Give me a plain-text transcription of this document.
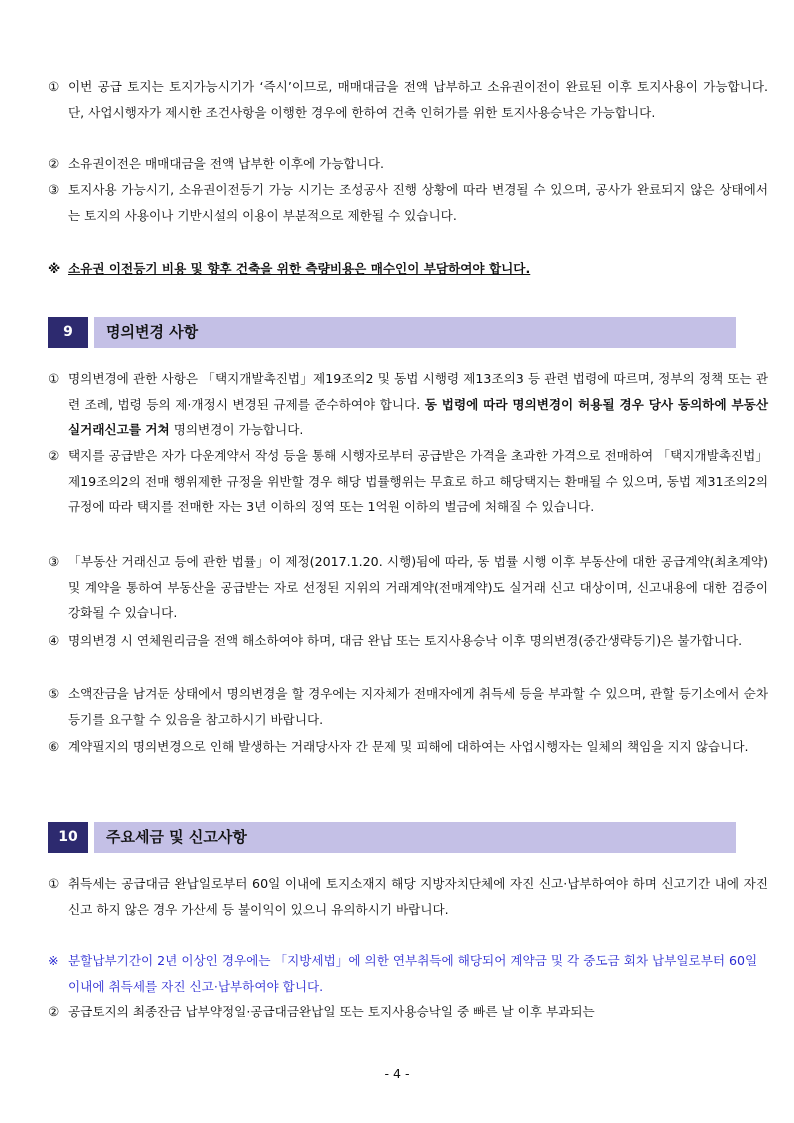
① 이번 공급 토지는 토지가능시기가 ‘즉시’이므로, 매매대금을 전액 납부하고 소유권이전이 완료된 이후 토지사용이 가능합니다. 단, 사업시행자가 제시한 조건사항을 이행한 경우에 한하여 건축 인허가를 위한 토지사용승낙은 가능합니다.
② 소유권이전은 매매대금을 전액 납부한 이후에 가능합니다.
③ 토지사용 가능시기, 소유권이전등기 가능 시기는 조성공사 진행 상황에 따라 변경될 수 있으며, 공사가 완료되지 않은 상태에서는 토지의 사용이나 기반시설의 이용이 부분적으로 제한될 수 있습니다.
※ 소유권 이전등기 비용 및 향후 건축을 위한 측량비용은 매수인이 부담하여야 합니다.
9	명의변경 사항
① 명의변경에 관한 사항은 「택지개발촉진법」제19조의2 및 동법 시행령 제13조의3 등 관련 법령에 따르며, 정부의 정책 또는 관련 조례, 법령 등의 제·개정시 변경된 규제를 준수하여야 합니다. 동 법령에 따라 명의변경이 허용될 경우 당사 동의하에 부동산실거래신고를 거쳐 명의변경이 가능합니다.
② 택지를 공급받은 자가 다운계약서 작성 등을 통해 시행자로부터 공급받은 가격을 초과한 가격으로 전매하여 「택지개발촉진법」 제19조의2의 전매 행위제한 규정을 위반할 경우 해당 법률행위는 무효로 하고 해당택지는 환매될 수 있으며, 동법 제31조의2의 규정에 따라 택지를 전매한 자는 3년 이하의 징역 또는 1억원 이하의 벌금에 처해질 수 있습니다.
③ 「부동산 거래신고 등에 관한 법률」이 제정(2017.1.20. 시행)됨에 따라, 동 법률 시행 이후 부동산에 대한 공급계약(최초계약) 및 계약을 통하여 부동산을 공급받는 자로 선정된 지위의 거래계약(전매계약)도 실거래 신고 대상이며, 신고내용에 대한 검증이 강화될 수 있습니다.
④ 명의변경 시 연체원리금을 전액 해소하여야 하며, 대금 완납 또는 토지사용승낙 이후 명의변경(중간생략등기)은 불가합니다.
⑤ 소액잔금을 남겨둔 상태에서 명의변경을 할 경우에는 지자체가 전매자에게 취득세 등을 부과할 수 있으며, 관할 등기소에서 순차등기를 요구할 수 있음을 참고하시기 바랍니다.
⑥ 계약필지의 명의변경으로 인해 발생하는 거래당사자 간 문제 및 피해에 대하여는 사업시행자는 일체의 책임을 지지 않습니다.
10	주요세금 및 신고사항
① 취득세는 공급대금 완납일로부터 60일 이내에 토지소재지 해당 지방자치단체에 자진 신고·납부하여야 하며 신고기간 내에 자진신고 하지 않은 경우 가산세 등 불이익이 있으니 유의하시기 바랍니다.
※ 분할납부기간이 2년 이상인 경우에는 「지방세법」에 의한 연부취득에 해당되어 계약금 및 각 중도금 회차 납부일로부터 60일 이내에 취득세를 자진 신고·납부하여야 합니다.
② 공급토지의 최종잔금 납부약정일·공급대금완납일 또는 토지사용승낙일 중 빠른 날 이후 부과되는
- 4 -
